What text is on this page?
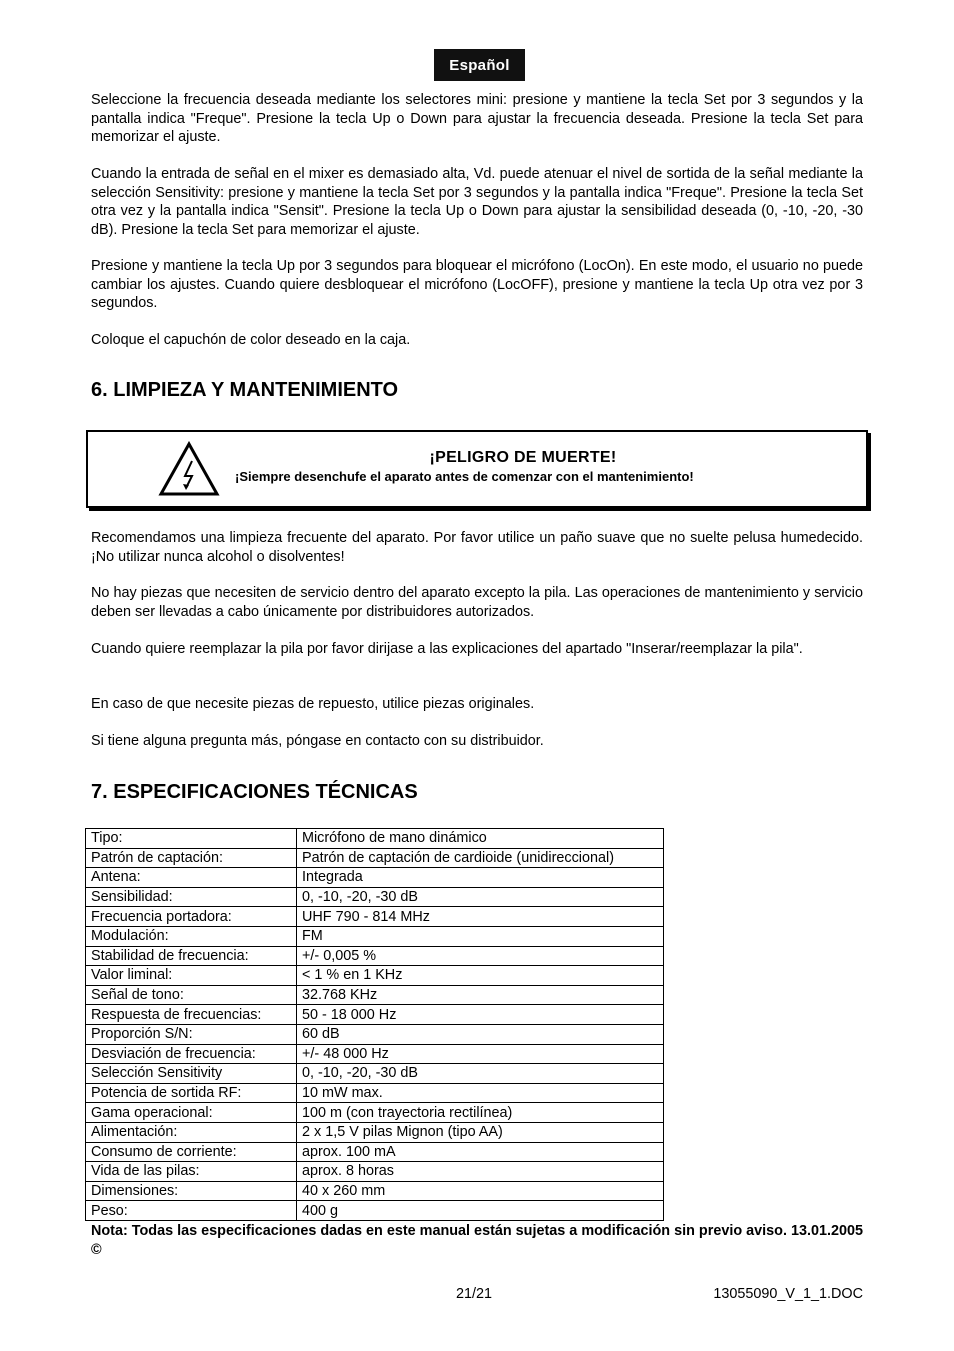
Español

Seleccione la frecuencia deseada mediante los selectores mini: presione y mantiene la tecla Set por 3 segundos y la pantalla indica "Freque". Presione la tecla Up o Down para ajustar la frecuencia deseada. Presione la tecla Set para memorizar el ajuste.

Cuando la entrada de señal en el mixer es demasiado alta, Vd. puede atenuar el nivel de sortida de la señal mediante la selección Sensitivity: presione y mantiene la tecla Set por 3 segundos y la pantalla indica "Freque". Presione la tecla Set otra vez y la pantalla indica "Sensit". Presione la tecla Up o Down para ajustar la sensibilidad deseada (0, -10, -20, -30 dB). Presione la tecla Set para memorizar el ajuste.

Presione y mantiene la tecla Up por 3 segundos para bloquear el micrófono (LocOn). En este modo, el usuario no puede cambiar los ajustes. Cuando quiere desbloquear el micrófono (LocOFF), presione y mantiene la tecla Up otra vez por 3 segundos.

Coloque el capuchón de color deseado en la caja.

6. LIMPIEZA Y MANTENIMIENTO
¡PELIGRO DE MUERTE!
¡Siempre desenchufe el aparato antes de comenzar con el mantenimiento!

Recomendamos una limpieza frecuente del aparato. Por favor utilice un paño suave que no suelte pelusa humedecido. ¡No utilizar nunca alcohol o disolventes!

No hay piezas que necesiten de servicio dentro del aparato excepto la pila. Las operaciones de mantenimiento y servicio deben ser llevadas a cabo únicamente por distribuidores autorizados.

Cuando quiere reemplazar la pila por favor dirijase a las explicaciones del apartado "Inserar/reemplazar la pila".

En caso de que necesite piezas de repuesto, utilice piezas originales.

Si tiene alguna pregunta más, póngase en contacto con su distribuidor.

7. ESPECIFICACIONES TÉCNICAS
Tipo:	Micrófono de mano dinámico
Patrón de captación:	Patrón de captación de cardioide (unidireccional)
Antena:	Integrada
Sensibilidad:	0, -10, -20, -30 dB
Frecuencia portadora:	UHF 790 - 814 MHz
Modulación:	FM
Stabilidad de frecuencia:	+/- 0,005 %
Valor liminal:	< 1 % en 1 KHz
Señal de tono:	32.768 KHz
Respuesta de frecuencias:	50 - 18 000 Hz
Proporción S/N:	60 dB
Desviación de frecuencia:	+/- 48 000 Hz
Selección Sensitivity	0, -10, -20, -30 dB
Potencia de sortida RF:	10 mW max.
Gama operacional:	100 m (con trayectoria rectilínea)
Alimentación:	2 x 1,5 V pilas Mignon (tipo AA)
Consumo de corriente:	aprox. 100 mA
Vida de las pilas:	aprox. 8 horas
Dimensiones:	40 x 260 mm
Peso:	400 g

Nota: Todas las especificaciones dadas en este manual están sujetas a modificación sin previo aviso. 13.01.2005 ©

21/21	13055090_V_1_1.DOC
